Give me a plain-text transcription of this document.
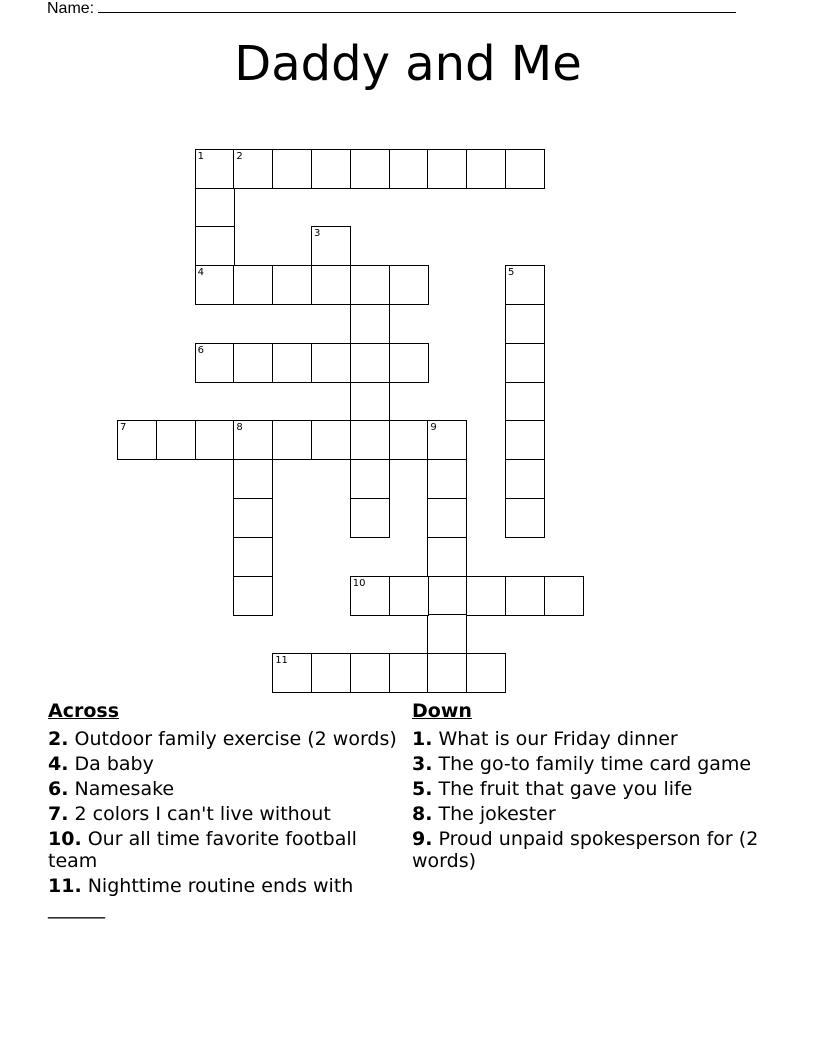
Name:
Daddy and Me
1	2
3
4	5
6
7	8	9
10
11
Across
2. Outdoor family exercise (2 words)
4. Da baby
6. Namesake
7. 2 colors I can't live without
10. Our all time favorite football team
11. Nighttime routine ends with ______
Down
1. What is our Friday dinner
3. The go-to family time card game
5. The fruit that gave you life
8. The jokester
9. Proud unpaid spokesperson for (2 words)
